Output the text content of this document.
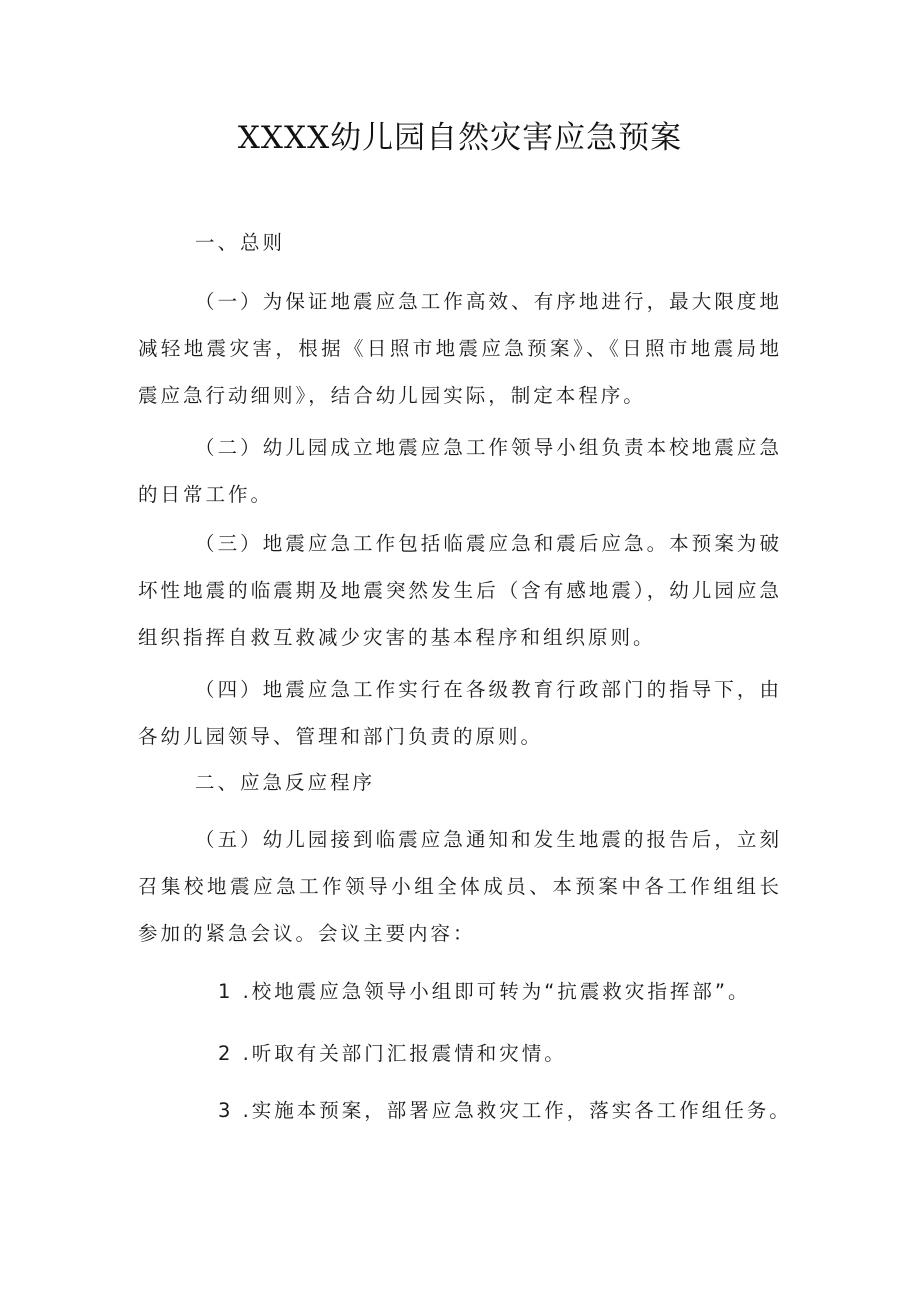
XXXX幼儿园自然灾害应急预案

一、总则

（一）为保证地震应急工作高效、有序地进行，最大限度地减轻地震灾害，根据《日照市地震应急预案》、《日照市地震局地震应急行动细则》，结合幼儿园实际，制定本程序。

（二）幼儿园成立地震应急工作领导小组负责本校地震应急的日常工作。

（三）地震应急工作包括临震应急和震后应急。本预案为破坏性地震的临震期及地震突然发生后（含有感地震），幼儿园应急组织指挥自救互救减少灾害的基本程序和组织原则。

（四）地震应急工作实行在各级教育行政部门的指导下，由各幼儿园领导、管理和部门负责的原则。

二、应急反应程序

（五）幼儿园接到临震应急通知和发生地震的报告后，立刻召集校地震应急工作领导小组全体成员、本预案中各工作组组长参加的紧急会议。会议主要内容：

1 .校地震应急领导小组即可转为“抗震救灾指挥部”。

2 .听取有关部门汇报震情和灾情。

3 .实施本预案，部署应急救灾工作，落实各工作组任务。
